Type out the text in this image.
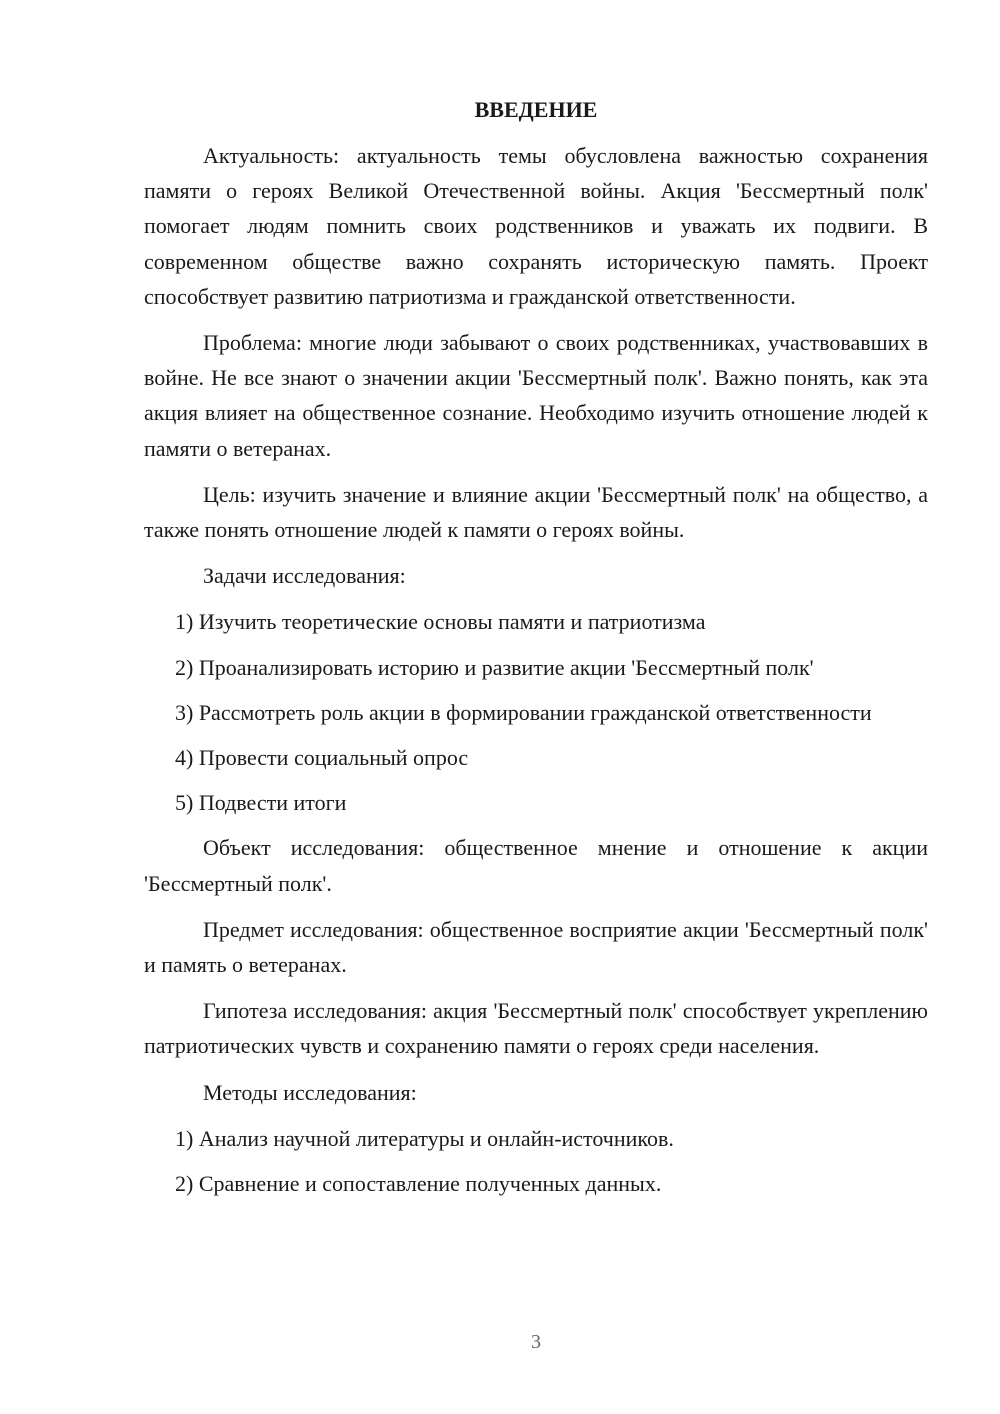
ВВЕДЕНИЕ

Актуальность: актуальность темы обусловлена важностью сохранения памяти о героях Великой Отечественной войны. Акция 'Бессмертный полк' помогает людям помнить своих родственников и уважать их подвиги. В современном обществе важно сохранять историческую память. Проект способствует развитию патриотизма и гражданской ответственности.

Проблема: многие люди забывают о своих родственниках, участвовавших в войне. Не все знают о значении акции 'Бессмертный полк'. Важно понять, как эта акция влияет на общественное сознание. Необходимо изучить отношение людей к памяти о ветеранах.

Цель: изучить значение и влияние акции 'Бессмертный полк' на общество, а также понять отношение людей к памяти о героях войны.

Задачи исследования:

1) Изучить теоретические основы памяти и патриотизма

2) Проанализировать историю и развитие акции 'Бессмертный полк'

3) Рассмотреть роль акции в формировании гражданской ответственности

4) Провести социальный опрос

5) Подвести итоги

Объект исследования: общественное мнение и отношение к акции 'Бессмертный полк'.

Предмет исследования: общественное восприятие акции 'Бессмертный полк' и память о ветеранах.

Гипотеза исследования: акция 'Бессмертный полк' способствует укреплению патриотических чувств и сохранению памяти о героях среди населения.

Методы исследования:

1) Анализ научной литературы и онлайн-источников.

2) Сравнение и сопоставление полученных данных.

3
